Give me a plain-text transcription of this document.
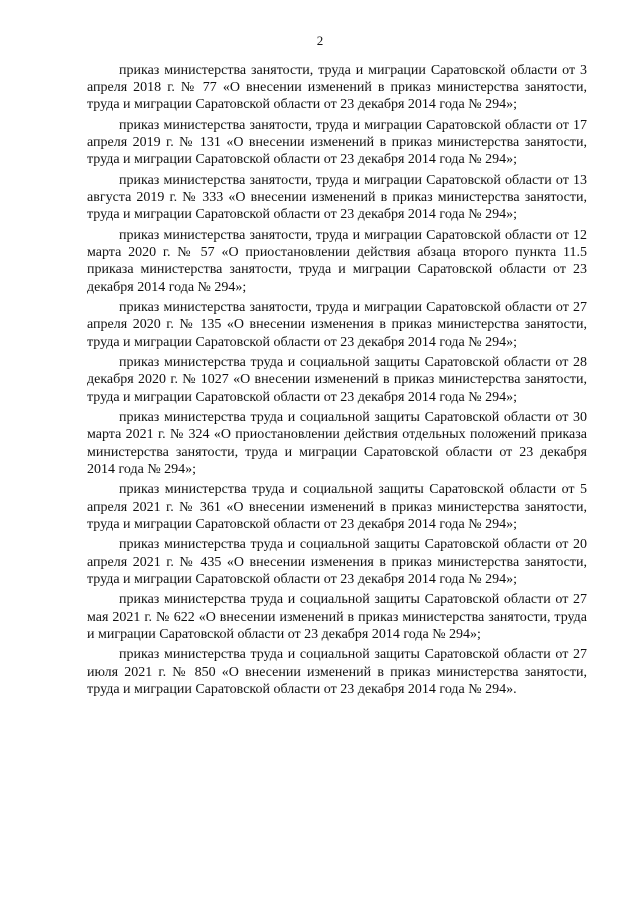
2

приказ министерства занятости, труда и миграции Саратовской области от 3 апреля 2018 г. № 77 «О внесении изменений в приказ министерства занятости, труда и миграции Саратовской области от 23 декабря 2014 года № 294»;

приказ министерства занятости, труда и миграции Саратовской области от 17 апреля 2019 г. № 131 «О внесении изменений в приказ министерства занятости, труда и миграции Саратовской области от 23 декабря 2014 года № 294»;

приказ министерства занятости, труда и миграции Саратовской области от 13 августа 2019 г. № 333 «О внесении изменений в приказ министерства занятости, труда и миграции Саратовской области от 23 декабря 2014 года № 294»;

приказ министерства занятости, труда и миграции Саратовской области от 12 марта 2020 г. № 57 «О приостановлении действия абзаца второго пункта 11.5 приказа министерства занятости, труда и миграции Саратовской области от 23 декабря 2014 года № 294»;

приказ министерства занятости, труда и миграции Саратовской области от 27 апреля 2020 г. № 135 «О внесении изменения в приказ министерства занятости, труда и миграции Саратовской области от 23 декабря 2014 года № 294»;

приказ министерства труда и социальной защиты Саратовской области от 28 декабря 2020 г. № 1027 «О внесении изменений в приказ министерства занятости, труда и миграции Саратовской области от 23 декабря 2014 года № 294»;

приказ министерства труда и социальной защиты Саратовской области от 30 марта 2021 г. № 324 «О приостановлении действия отдельных положений приказа министерства занятости, труда и миграции Саратовской области от 23 декабря 2014 года № 294»;

приказ министерства труда и социальной защиты Саратовской области от 5 апреля 2021 г. № 361 «О внесении изменений в приказ министерства занятости, труда и миграции Саратовской области от 23 декабря 2014 года № 294»;

приказ министерства труда и социальной защиты Саратовской области от 20 апреля 2021 г. № 435 «О внесении изменения в приказ министерства занятости, труда и миграции Саратовской области от 23 декабря 2014 года № 294»;

приказ министерства труда и социальной защиты Саратовской области от 27 мая 2021 г. № 622 «О внесении изменений в приказ министерства занятости, труда и миграции Саратовской области от 23 декабря 2014 года № 294»;

приказ министерства труда и социальной защиты Саратовской области от 27 июля 2021 г. № 850 «О внесении изменений в приказ министерства занятости, труда и миграции Саратовской области от 23 декабря 2014 года № 294».
